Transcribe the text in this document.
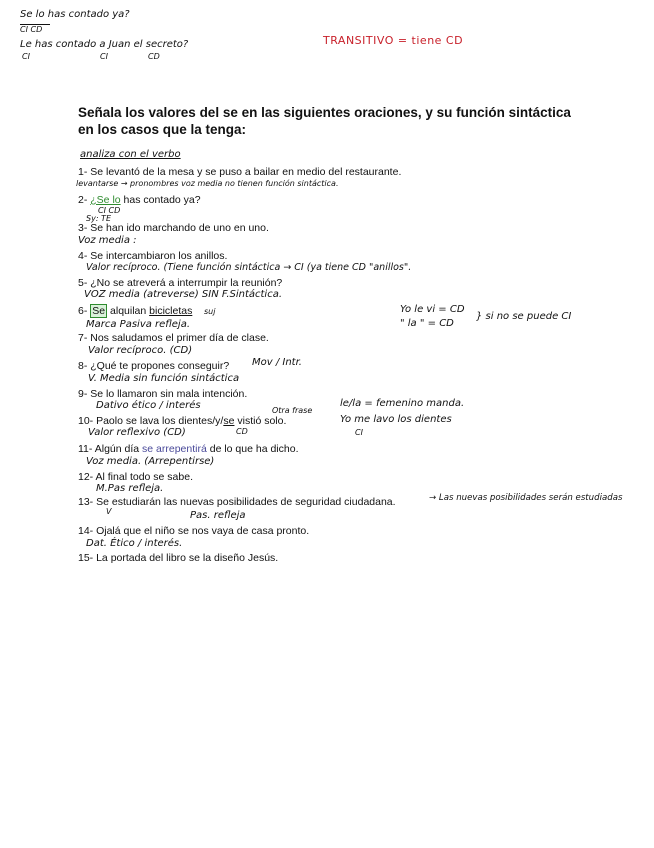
Se lo has contado ya?
CI CD
Le has contado a Juan el secreto?
CI	CI	CD
TRANSITIVO = tiene CD
Señala los valores del se en las siguientes oraciones, y su función sintáctica en los casos que la tenga:
analiza con el verbo
1- Se levantó de la mesa y se puso a bailar en medio del restaurante.
levantarse → pronombres voz media no tienen función sintáctica.
2- ¿Se lo has contado ya?
CI CD
3- Se han ido marchando de uno en uno.
Sy: TE
Voz media :
4- Se intercambiaron los anillos.
Valor recíproco. (Tiene función sintáctica → CI (ya tiene CD "anillos".
5- ¿No se atreverá a interrumpir la reunión?
VOZ media (atreverse) SIN F.Sintáctica.
6- Se alquilan bicicletas suj
Marca Pasiva refleja.
Yo le vi = CD
" la " = CD
} si no se puede CI
7- Nos saludamos el primer día de clase.
Valor recíproco. (CD)
8- ¿Qué te propones conseguir? Mov / Intr.
V. Media sin función sintáctica
9- Se lo llamaron sin mala intención.
Dativo ético / interés	le/la = femenino manda.
Yo me lavo los dientes
CI
Otra frase
10- Paolo se lava los dientes/y/se vistió solo.
Valor reflexivo (CD)	CD
11- Algún día se arrepentirá de lo que ha dicho.
Voz media. (Arrepentirse)
12- Al final todo se sabe.
M.Pas refleja.
13- Se estudiarán las nuevas posibilidades de seguridad ciudadana.	→ Las nuevas posibilidades serán estudiadas
V	Pas. refleja
14- Ojalá que el niño se nos vaya de casa pronto.
Dat. Ético / interés.
15- La portada del libro se la diseño Jesús.
